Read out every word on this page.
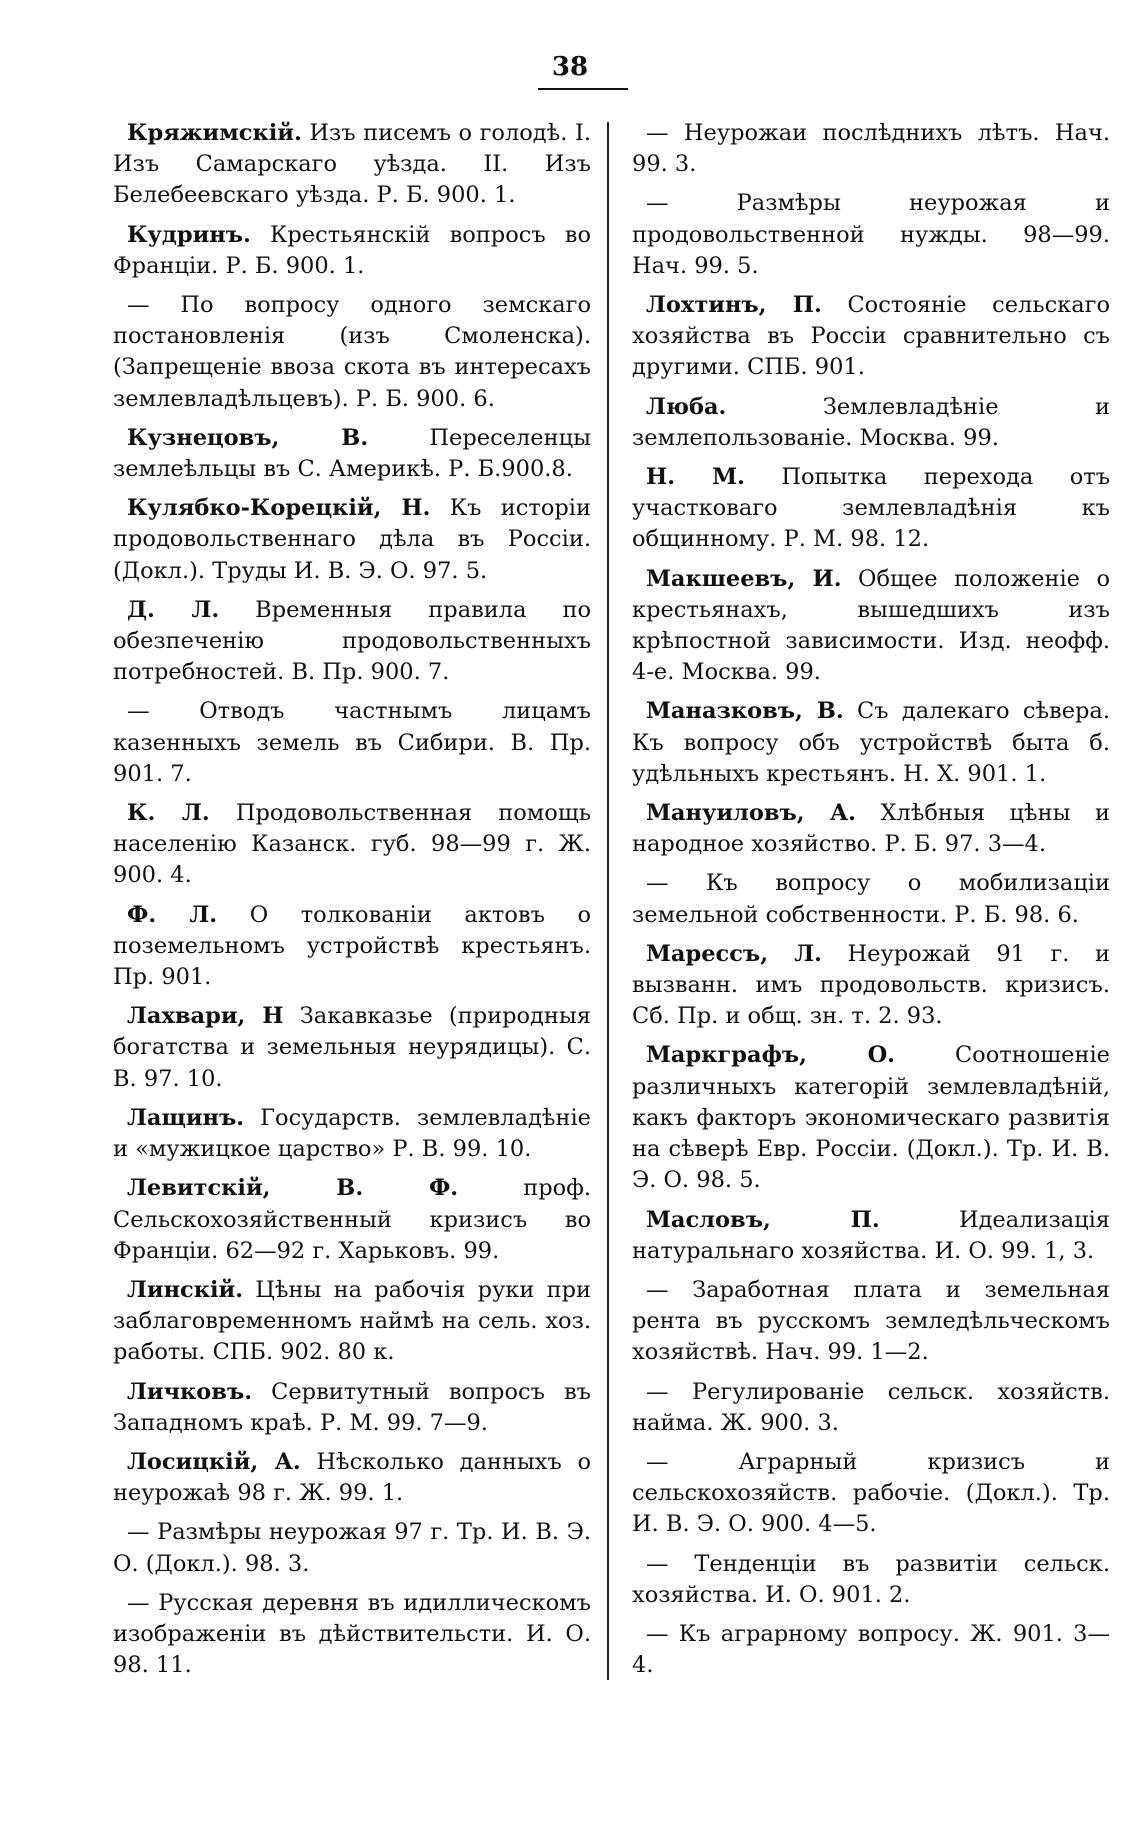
38

Кряжимскій. Изъ писемъ о голодѣ. I. Изъ Самарскаго уѣзда. II. Изъ Белебеевскаго уѣзда. Р. Б. 900. 1.

Кудринъ. Крестьянскій вопросъ во Франціи. Р. Б. 900. 1.

— По вопросу одного земскаго постановленія (изъ Смоленска). (Запрещеніе ввоза скота въ интересахъ землевладѣльцевъ). Р. Б. 900. 6.

Кузнецовъ, В. Переселенцы землеѣльцы въ С. Америкѣ. Р. Б.900.8.

Кулябко-Корецкій, Н. Къ исторіи продовольственнаго дѣла въ Россіи. (Докл.). Труды И. В. Э. О. 97. 5.

Д. Л. Временныя правила по обезпеченію продовольственныхъ потребностей. В. Пр. 900. 7.

— Отводъ частнымъ лицамъ казенныхъ земель въ Сибири. В. Пр. 901. 7.

К. Л. Продовольственная помощь населенію Казанск. губ. 98—99 г. Ж. 900. 4.

Ф. Л. О толкованіи актовъ о поземельномъ устройствѣ крестьянъ. Пр. 901.

Лахвари, Н Закавказье (природныя богатства и земельныя неурядицы). С. В. 97. 10.

Лащинъ. Государств. землевладѣніе и «мужицкое царство» Р. В. 99. 10.

Левитскій, В. Ф. проф. Сельскохозяйственный кризисъ во Франціи. 62—92 г. Харьковъ. 99.

Линскій. Цѣны на рабочія руки при заблаговременномъ наймѣ на сель. хоз. работы. СПБ. 902. 80 к.

Личковъ. Сервитутный вопросъ въ Западномъ краѣ. Р. М. 99. 7—9.

Лосицкій, А. Нѣсколько данныхъ о неурожаѣ 98 г. Ж. 99. 1.

— Размѣры неурожая 97 г. Тр. И. В. Э. О. (Докл.). 98. 3.

— Русская деревня въ идиллическомъ изображеніи въ дѣйствительсти. И. О. 98. 11.

— Неурожаи послѣднихъ лѣтъ. Нач. 99. 3.

— Размѣры неурожая и продовольственной нужды. 98—99. Нач. 99. 5.

Лохтинъ, П. Состояніе сельскаго хозяйства въ Россіи сравнительно съ другими. СПБ. 901.

Люба. Землевладѣніе и землепользованіе. Москва. 99.

Н. М. Попытка перехода отъ участковаго землевладѣнія къ общинному. Р. М. 98. 12.

Макшеевъ, И. Общее положеніе о крестьянахъ, вышедшихъ изъ крѣпостной зависимости. Изд. неофф. 4-е. Москва. 99.

Маназковъ, В. Съ далекаго сѣвера. Къ вопросу объ устройствѣ быта б. удѣльныхъ крестьянъ. Н. Х. 901. 1.

Мануиловъ, А. Хлѣбныя цѣны и народное хозяйство. Р. Б. 97. 3—4.

— Къ вопросу о мобилизаціи земельной собственности. Р. Б. 98. 6.

Марессъ, Л. Неурожай 91 г. и вызванн. имъ продовольств. кризисъ. Сб. Пр. и общ. зн. т. 2. 93.

Маркграфъ, О. Соотношеніе различныхъ категорій землевладѣній, какъ факторъ экономическаго развитія на сѣверѣ Евр. Россіи. (Докл.). Тр. И. В. Э. О. 98. 5.

Масловъ, П. Идеализація натуральнаго хозяйства. И. О. 99. 1, 3.

— Заработная плата и земельная рента въ русскомъ земледѣльческомъ хозяйствѣ. Нач. 99. 1—2.

— Регулированіе сельск. хозяйств. найма. Ж. 900. 3.

— Аграрный кризисъ и сельскохозяйств. рабочіе. (Докл.). Тр. И. В. Э. О. 900. 4—5.

— Тенденціи въ развитіи сельск. хозяйства. И. О. 901. 2.

— Къ аграрному вопросу. Ж. 901. 3—4.
